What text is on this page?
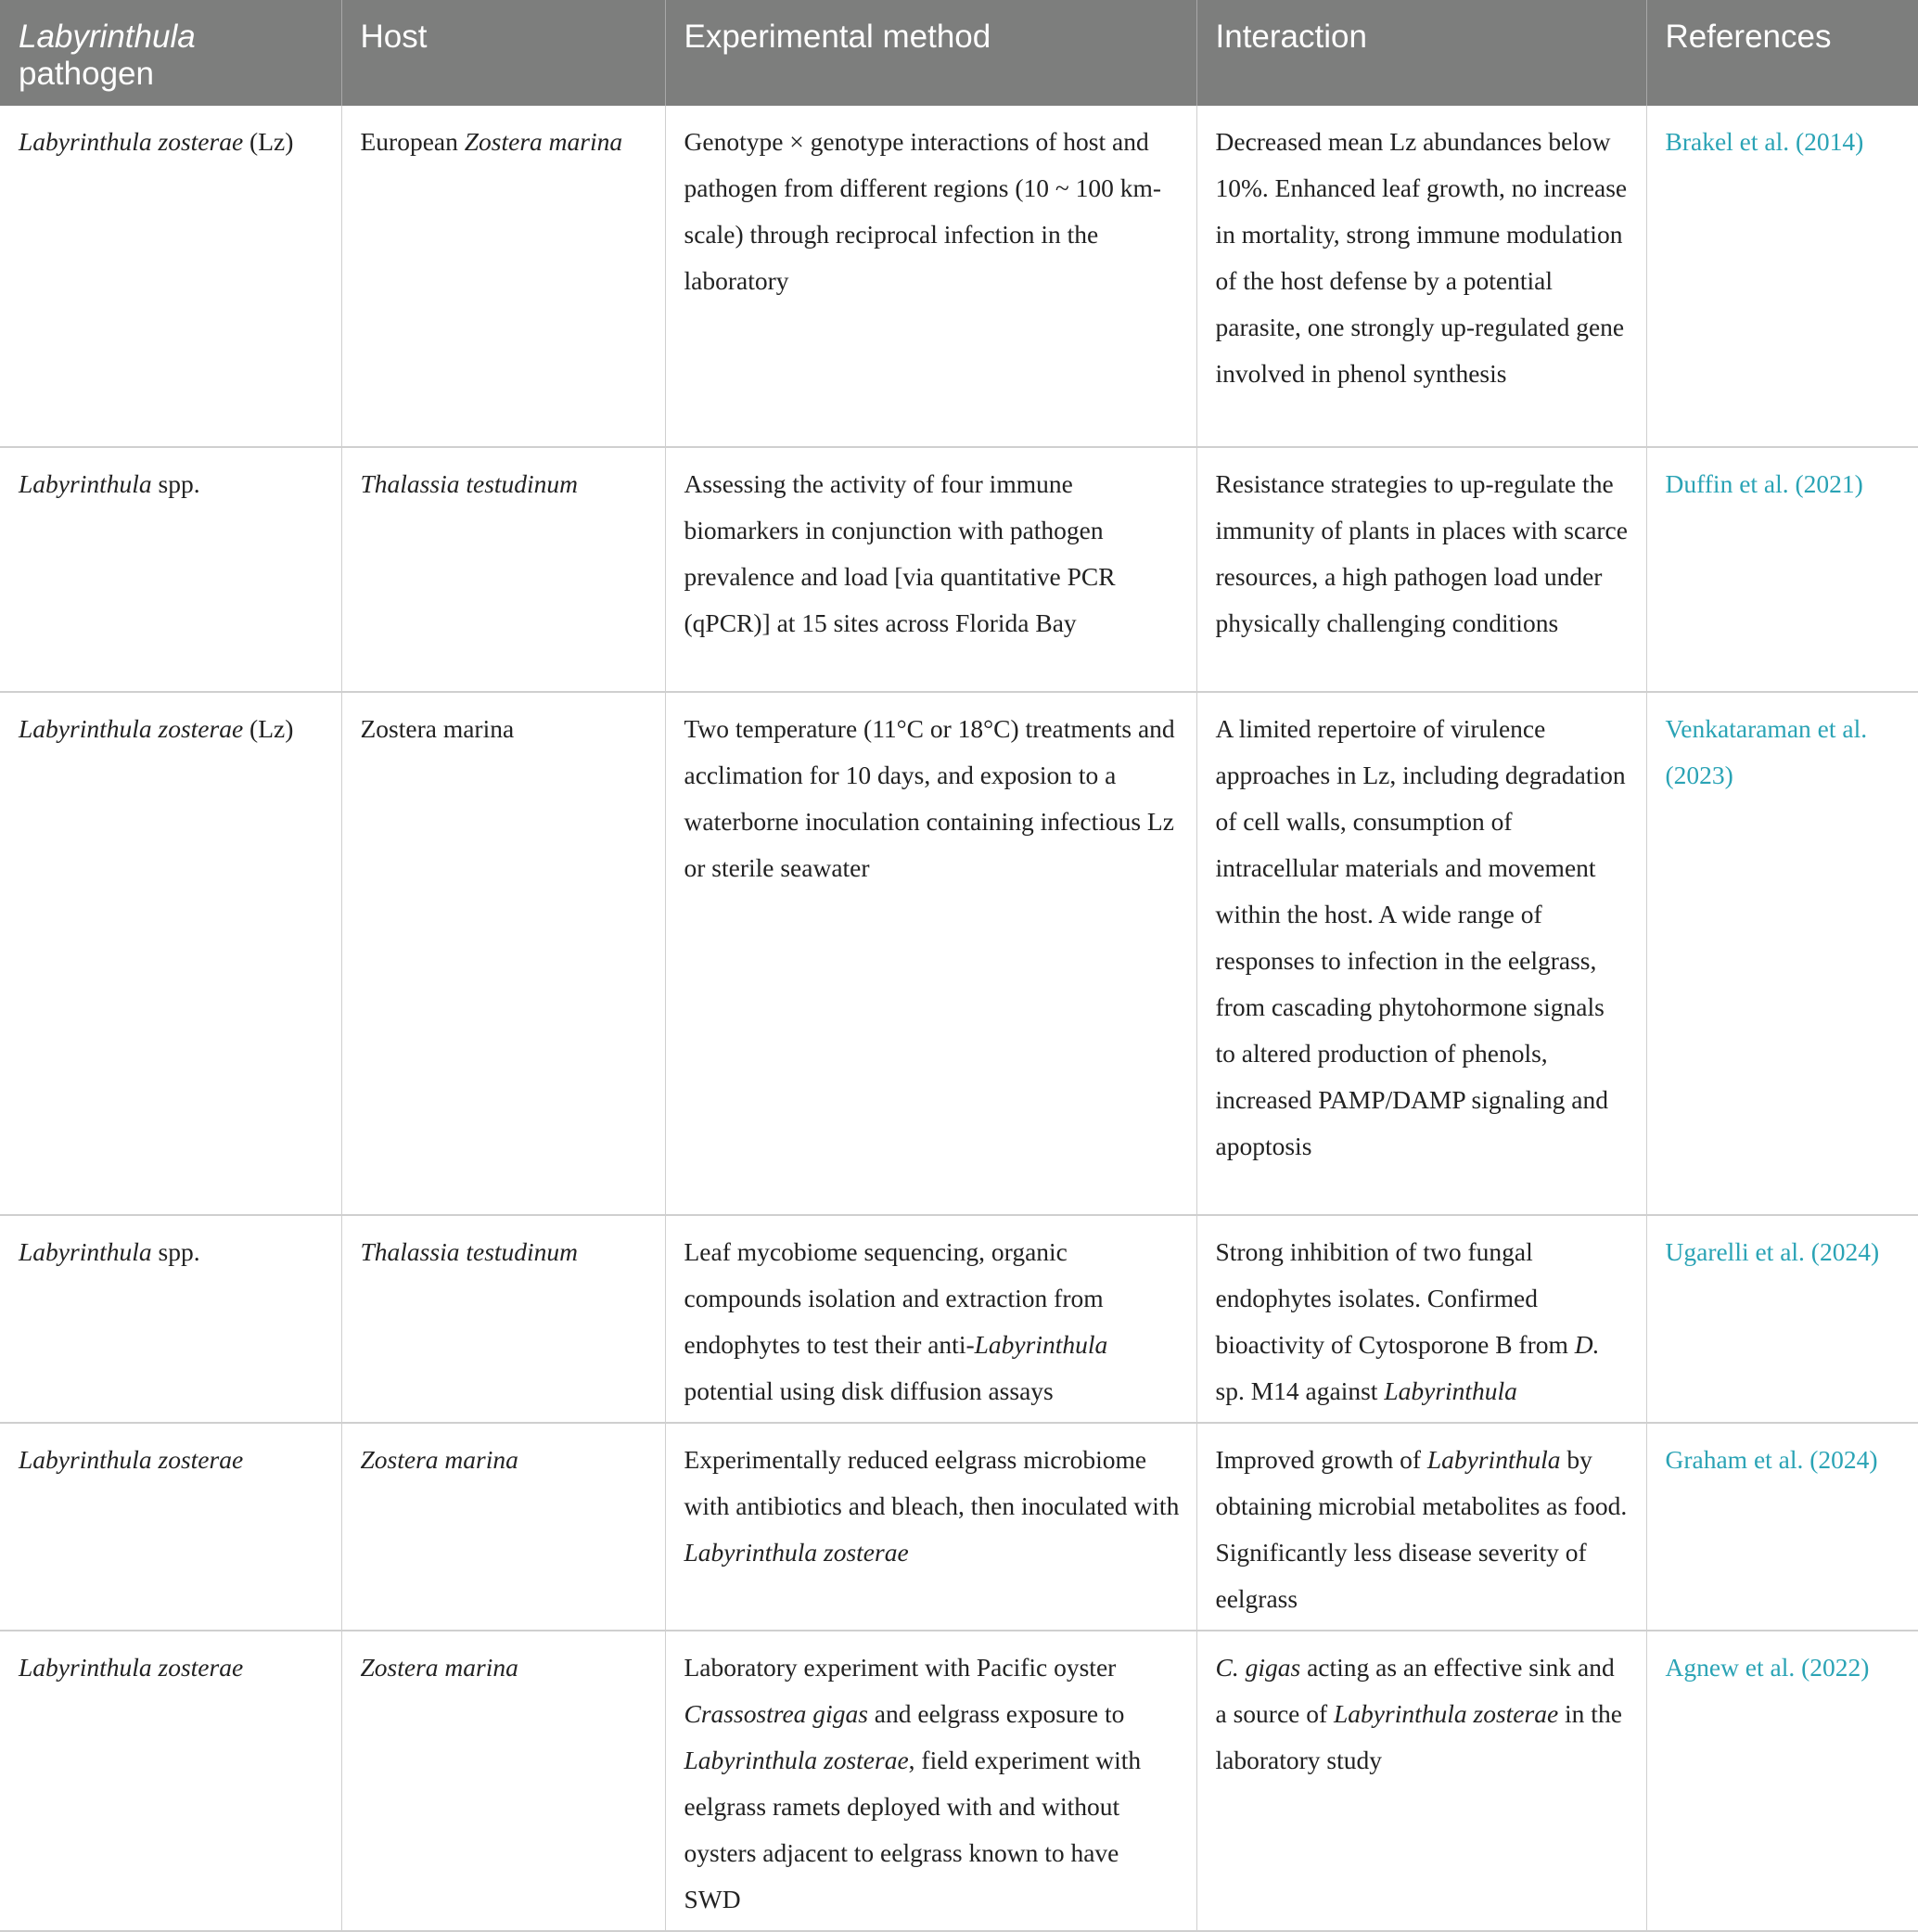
Labyrinthula
pathogen	Host	Experimental method	Interaction	References
Labyrinthula zosterae (Lz)	European Zostera marina	Genotype × genotype interactions of host and pathogen from different regions (10 ~ 100 km-scale) through reciprocal infection in the laboratory	Decreased mean Lz abundances below 10%. Enhanced leaf growth, no increase in mortality, strong immune modulation of the host defense by a potential parasite, one strongly up-regulated gene involved in phenol synthesis	Brakel et al. (2014)
Labyrinthula spp.	Thalassia testudinum	Assessing the activity of four immune biomarkers in conjunction with pathogen prevalence and load [via quantitative PCR (qPCR)] at 15 sites across Florida Bay	Resistance strategies to up-regulate the immunity of plants in places with scarce resources, a high pathogen load under physically challenging conditions	Duffin et al. (2021)
Labyrinthula zosterae (Lz)	Zostera marina	Two temperature (11°C or 18°C) treatments and acclimation for 10 days, and exposion to a waterborne inoculation containing infectious Lz or sterile seawater	A limited repertoire of virulence approaches in Lz, including degradation of cell walls, consumption of intracellular materials and movement within the host. A wide range of responses to infection in the eelgrass, from cascading phytohormone signals to altered production of phenols, increased PAMP/DAMP signaling and apoptosis	Venkataraman et al. (2023)
Labyrinthula spp.	Thalassia testudinum	Leaf mycobiome sequencing, organic compounds isolation and extraction from endophytes to test their anti-Labyrinthula potential using disk diffusion assays	Strong inhibition of two fungal endophytes isolates. Confirmed bioactivity of Cytosporone B from D. sp. M14 against Labyrinthula	Ugarelli et al. (2024)
Labyrinthula zosterae	Zostera marina	Experimentally reduced eelgrass microbiome with antibiotics and bleach, then inoculated with Labyrinthula zosterae	Improved growth of Labyrinthula by obtaining microbial metabolites as food. Significantly less disease severity of eelgrass	Graham et al. (2024)
Labyrinthula zosterae	Zostera marina	Laboratory experiment with Pacific oyster Crassostrea gigas and eelgrass exposure to Labyrinthula zosterae, field experiment with eelgrass ramets deployed with and without oysters adjacent to eelgrass known to have SWD	C. gigas acting as an effective sink and a source of Labyrinthula zosterae in the laboratory study	Agnew et al. (2022)
